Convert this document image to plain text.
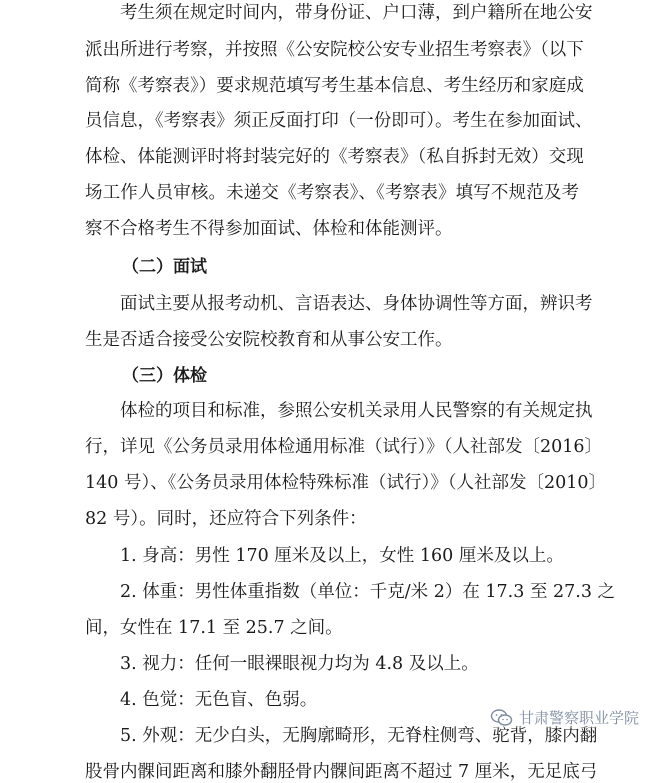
考生须在规定时间内，带身份证、户口薄，到户籍所在地公安
派出所进行考察，并按照《公安院校公安专业招生考察表》（以下
简称《考察表》）要求规范填写考生基本信息、考生经历和家庭成
员信息，《考察表》须正反面打印（一份即可）。考生在参加面试、
体检、体能测评时将封装完好的《考察表》（私自拆封无效）交现
场工作人员审核。未递交《考察表》、《考察表》填写不规范及考
察不合格考生不得参加面试、体检和体能测评。
（二）面试
面试主要从报考动机、言语表达、身体协调性等方面，辨识考
生是否适合接受公安院校教育和从事公安工作。
（三）体检
体检的项目和标准，参照公安机关录用人民警察的有关规定执
行，详见《公务员录用体检通用标准（试行）》（人社部发〔2016〕
140 号）、《公务员录用体检特殊标准（试行）》（人社部发〔2010〕
82 号）。同时，还应符合下列条件：
1. 身高：男性 170 厘米及以上，女性 160 厘米及以上。
2. 体重：男性体重指数（单位：千克/米 2）在 17.3 至 27.3 之
间，女性在 17.1 至 25.7 之间。
3. 视力：任何一眼裸眼视力均为 4.8 及以上。
4. 色觉：无色盲、色弱。
5. 外观：无少白头，无胸廓畸形，无脊柱侧弯、驼背，膝内翻
股骨内髁间距离和膝外翻胫骨内髁间距离不超过 7 厘米，无足底弓
甘肃警察职业学院
